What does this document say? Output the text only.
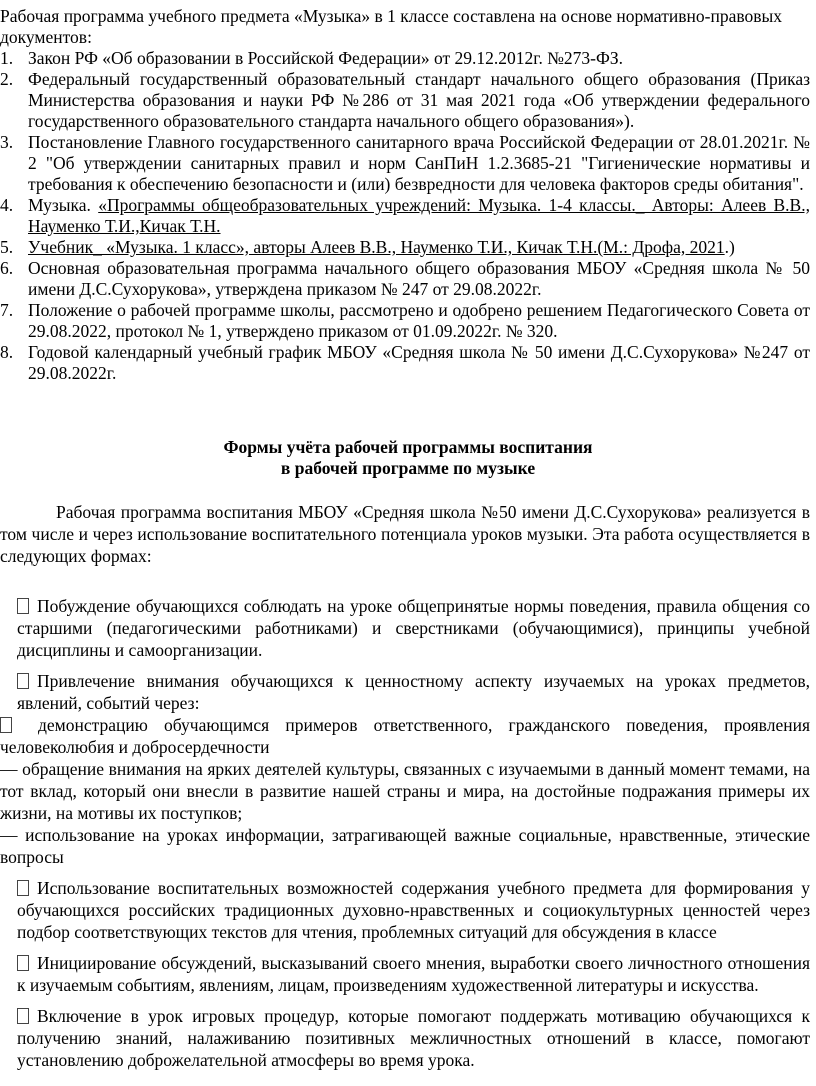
Рабочая программа учебного предмета «Музыка» в 1 классе составлена на основе нормативно-правовых документов:
1. Закон РФ «Об образовании в Российской Федерации» от 29.12.2012г. №273-ФЗ.
2. Федеральный государственный образовательный стандарт начального общего образования (Приказ Министерства образования и науки РФ №286 от 31 мая 2021 года «Об утверждении федерального государственного образовательного стандарта начального общего образования»).
3. Постановление Главного государственного санитарного врача Российской Федерации от 28.01.2021г. № 2 "Об утверждении санитарных правил и норм СанПиН 1.2.3685-21 "Гигиенические нормативы и требования к обеспечению безопасности и (или) безвредности для человека факторов среды обитания".
4. Музыка. «Программы общеобразовательных учреждений: Музыка. 1-4 классы._ Авторы: Алеев В.В., Науменко Т.И.,Кичак Т.Н.
5. Учебник_ «Музыка. 1 класс», авторы Алеев В.В., Науменко Т.И., Кичак Т.Н.(М.: Дрофа, 2021.)
6. Основная образовательная программа начального общего образования МБОУ «Средняя школа № 50 имени Д.С.Сухорукова», утверждена приказом № 247 от 29.08.2022г.
7. Положение о рабочей программе школы, рассмотрено и одобрено решением Педагогического Совета от 29.08.2022, протокол № 1, утверждено приказом от 01.09.2022г. № 320.
8. Годовой календарный учебный график МБОУ «Средняя школа № 50 имени Д.С.Сухорукова» №247 от 29.08.2022г.
Формы учёта рабочей программы воспитания
в рабочей программе по музыке
Рабочая программа воспитания МБОУ «Средняя школа №50 имени Д.С.Сухорукова» реализуется в том числе и через использование воспитательного потенциала уроков музыки. Эта работа осуществляется в следующих формах:
Побуждение обучающихся соблюдать на уроке общепринятые нормы поведения, правила общения со старшими (педагогическими работниками) и сверстниками (обучающимися), принципы учебной дисциплины и самоорганизации.
Привлечение внимания обучающихся к ценностному аспекту изучаемых на уроках предметов, явлений, событий через:
демонстрацию обучающимся примеров ответственного, гражданского поведения, проявления человеколюбия и добросердечности
— обращение внимания на ярких деятелей культуры, связанных с изучаемыми в данный момент темами, на тот вклад, который они внесли в развитие нашей страны и мира, на достойные подражания примеры их жизни, на мотивы их поступков;
— использование на уроках информации, затрагивающей важные социальные, нравственные, этические вопросы
Использование воспитательных возможностей содержания учебного предмета для формирования у обучающихся российских традиционных духовно-нравственных и социокультурных ценностей через подбор соответствующих текстов для чтения, проблемных ситуаций для обсуждения в классе
Инициирование обсуждений, высказываний своего мнения, выработки своего личностного отношения к изучаемым событиям, явлениям, лицам, произведениям художественной литературы и искусства.
Включение в урок игровых процедур, которые помогают поддержать мотивацию обучающихся к получению знаний, налаживанию позитивных межличностных отношений в классе, помогают установлению доброжелательной атмосферы во время урока.
